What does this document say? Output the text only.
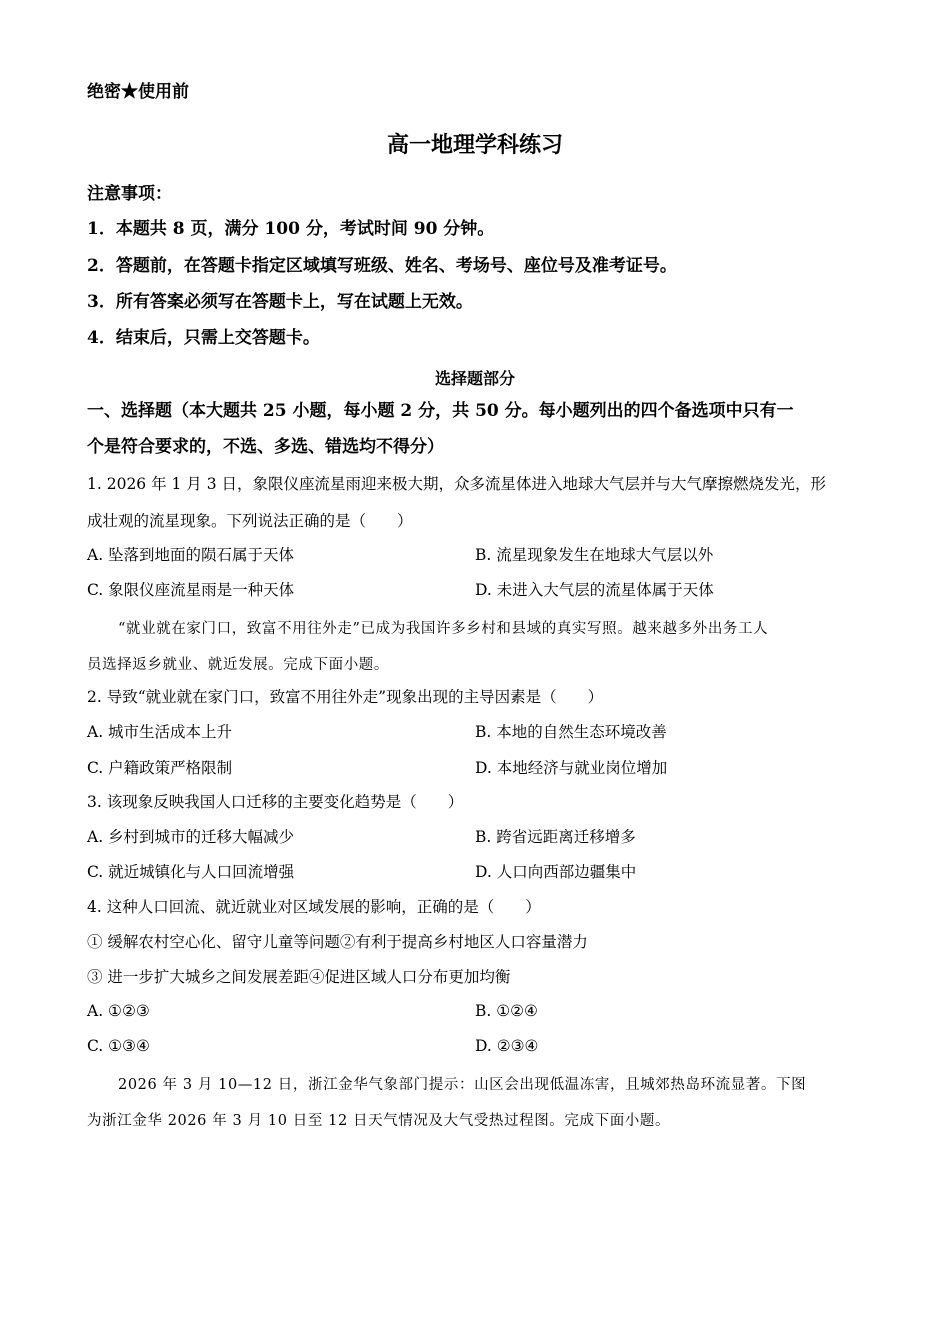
绝密★使用前
高一地理学科练习
注意事项：
1．本题共 8 页，满分 100 分，考试时间 90 分钟。
2．答题前，在答题卡指定区域填写班级、姓名、考场号、座位号及准考证号。
3．所有答案必须写在答题卡上，写在试题上无效。
4．结束后，只需上交答题卡。
选择题部分
一、选择题（本大题共 25 小题，每小题 2 分，共 50 分。每小题列出的四个备选项中只有一
个是符合要求的，不选、多选、错选均不得分）
1. 2026 年 1 月 3 日，象限仪座流星雨迎来极大期，众多流星体进入地球大气层并与大气摩擦燃烧发光，形
成壮观的流星现象。下列说法正确的是（　　）
A. 坠落到地面的陨石属于天体	B. 流星现象发生在地球大气层以外
C. 象限仪座流星雨是一种天体	D. 未进入大气层的流星体属于天体
“就业就在家门口，致富不用往外走”已成为我国许多乡村和县域的真实写照。越来越多外出务工人
员选择返乡就业、就近发展。完成下面小题。
2. 导致“就业就在家门口，致富不用往外走”现象出现的主导因素是（　　）
A. 城市生活成本上升	B. 本地的自然生态环境改善
C. 户籍政策严格限制	D. 本地经济与就业岗位增加
3. 该现象反映我国人口迁移的主要变化趋势是（　　）
A. 乡村到城市的迁移大幅减少	B. 跨省远距离迁移增多
C. 就近城镇化与人口回流增强	D. 人口向西部边疆集中
4. 这种人口回流、就近就业对区域发展的影响，正确的是（　　）
① 缓解农村空心化、留守儿童等问题②有利于提高乡村地区人口容量潜力
③ 进一步扩大城乡之间发展差距④促进区域人口分布更加均衡
A. ①②③	B. ①②④
C. ①③④	D. ②③④
2026 年 3 月 10—12 日，浙江金华气象部门提示：山区会出现低温冻害，且城郊热岛环流显著。下图
为浙江金华 2026 年 3 月 10 日至 12 日天气情况及大气受热过程图。完成下面小题。
